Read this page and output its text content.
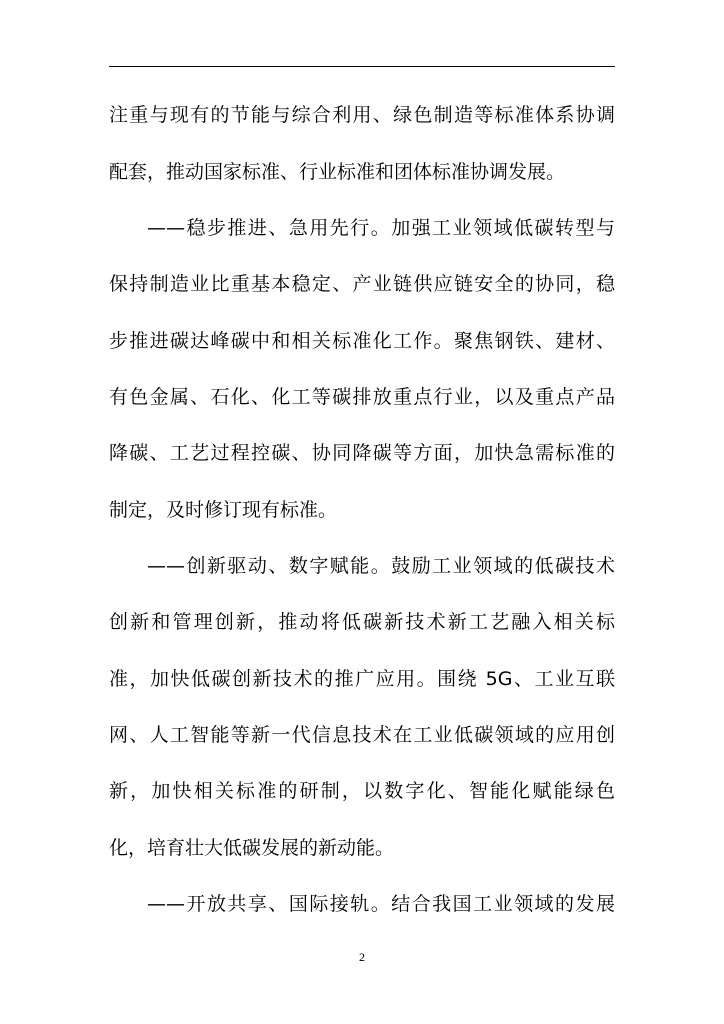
注重与现有的节能与综合利用、绿色制造等标准体系协调
配套，推动国家标准、行业标准和团体标准协调发展。
——稳步推进、急用先行。加强工业领域低碳转型与
保持制造业比重基本稳定、产业链供应链安全的协同，稳
步推进碳达峰碳中和相关标准化工作。聚焦钢铁、建材、
有色金属、石化、化工等碳排放重点行业，以及重点产品
降碳、工艺过程控碳、协同降碳等方面，加快急需标准的
制定，及时修订现有标准。
——创新驱动、数字赋能。鼓励工业领域的低碳技术
创新和管理创新，推动将低碳新技术新工艺融入相关标
准，加快低碳创新技术的推广应用。围绕 5G、工业互联
网、人工智能等新一代信息技术在工业低碳领域的应用创
新，加快相关标准的研制，以数字化、智能化赋能绿色
化，培育壮大低碳发展的新动能。
——开放共享、国际接轨。结合我国工业领域的发展
2
